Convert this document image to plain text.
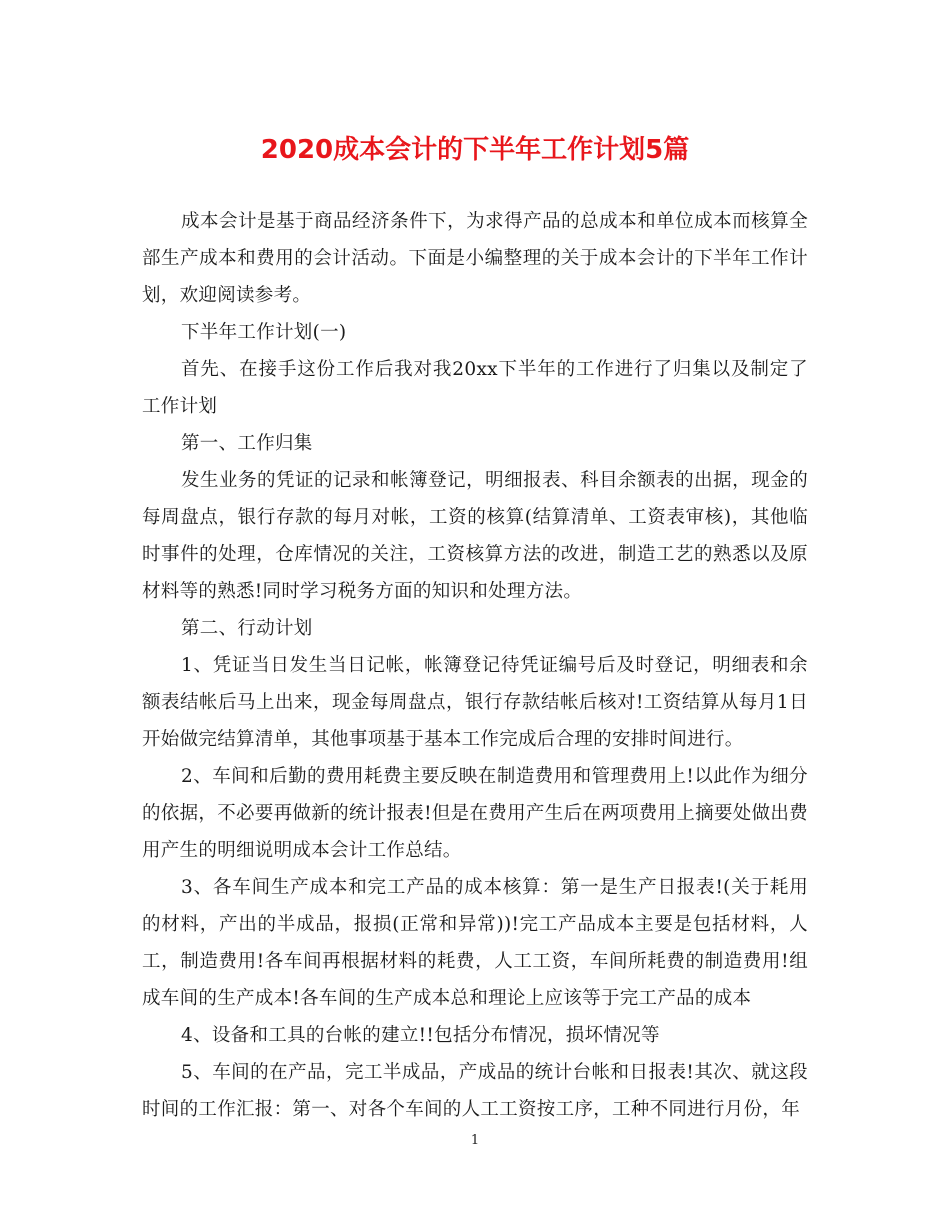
2020成本会计的下半年工作计划5篇

成本会计是基于商品经济条件下，为求得产品的总成本和单位成本而核算全部生产成本和费用的会计活动。下面是小编整理的关于成本会计的下半年工作计划，欢迎阅读参考。

下半年工作计划(一)

首先、在接手这份工作后我对我20xx下半年的工作进行了归集以及制定了工作计划

第一、工作归集

发生业务的凭证的记录和帐簿登记，明细报表、科目余额表的出据，现金的每周盘点，银行存款的每月对帐，工资的核算(结算清单、工资表审核)，其他临时事件的处理，仓库情况的关注，工资核算方法的改进，制造工艺的熟悉以及原材料等的熟悉!同时学习税务方面的知识和处理方法。

第二、行动计划

1、凭证当日发生当日记帐，帐簿登记待凭证编号后及时登记，明细表和余额表结帐后马上出来，现金每周盘点，银行存款结帐后核对!工资结算从每月1日开始做完结算清单，其他事项基于基本工作完成后合理的安排时间进行。

2、车间和后勤的费用耗费主要反映在制造费用和管理费用上!以此作为细分的依据，不必要再做新的统计报表!但是在费用产生后在两项费用上摘要处做出费用产生的明细说明成本会计工作总结。

3、各车间生产成本和完工产品的成本核算：第一是生产日报表!(关于耗用的材料，产出的半成品，报损(正常和异常))!完工产品成本主要是包括材料，人工，制造费用!各车间再根据材料的耗费，人工工资，车间所耗费的制造费用!组成车间的生产成本!各车间的生产成本总和理论上应该等于完工产品的成本

4、设备和工具的台帐的建立!!包括分布情况，损坏情况等

5、车间的在产品，完工半成品，产成品的统计台帐和日报表!其次、就这段时间的工作汇报：第一、对各个车间的人工工资按工序，工种不同进行月份，年

1
